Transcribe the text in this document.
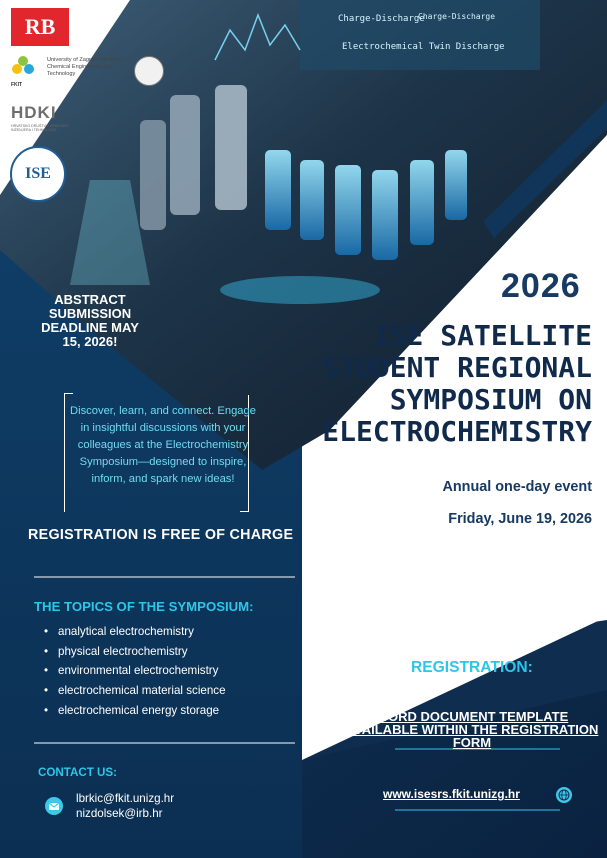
RB
FKIT
University of Zagreb Faculty of Chemical Engineering and Technology
HDKI
HRVATSKO DRUŠTVO KEMIJSKIH INŽENJERA I TEHNOLOGA
ISE
Charge-Discharge
Charge-Discharge
Electrochemical Twin Discharge
ABSTRACT SUBMISSION DEADLINE MAY 15, 2026!
Discover, learn, and connect. Engage in insightful discussions with your colleagues at the Electrochemistry Symposium—designed to inspire, inform, and spark new ideas!
REGISTRATION IS FREE OF CHARGE
THE TOPICS OF THE SYMPOSIUM:
• analytical electrochemistry
• physical electrochemistry
• environmental electrochemistry
• electrochemical material science
• electrochemical energy storage
CONTACT US:
lbrkic@fkit.unizg.hr
nizdolsek@irb.hr
2026
ISE SATELLITE STUDENT REGIONAL SYMPOSIUM ON ELECTROCHEMISTRY
Annual one-day event
Friday, June 19, 2026
REGISTRATION:
WORD DOCUMENT TEMPLATE AVAILABLE WITHIN THE REGISTRATION FORM
www.isesrs.fkit.unizg.hr
